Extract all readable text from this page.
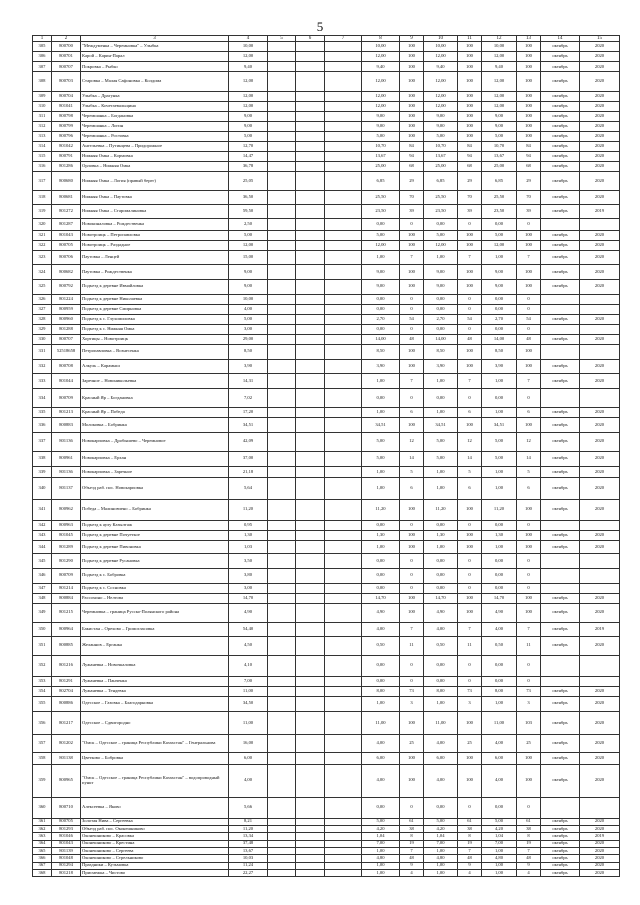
5
1	2	3	4	5	6	7	8	9	10	11	12	13	14	15
305	800700	"Междуменка – Черемновка" – Улыбка	10,00				10,00	100	10,00	100	10,00	100	октябрь	2020
306	800701	Карой – Карин-Парал	12,00				12,00	100	12,00	100	12,00	100	октябрь	2020
307	800707	Покровка – Рыбко	9,40				9,40	100	9,40	100	9,40	100	октябрь	2020
308	800703	Старовка – Малая Сафоновка – Колдома	12,00				12,00	100	12,00	100	12,00	100	октябрь	2020
309	800704	Улыбка – Драгунка	12,00				12,00	100	12,00	100	12,00	100	октябрь	2020
310	801041	Улыбка – Кочетаевальщина	12,00				12,00	100	12,00	100	12,00	100	октябрь	2020
311	800798	Черемшанка – Богдановка	9,00				9,00	100	9,00	100	9,00	100	октябрь	2020
312	800799	Черемшанка – Логин	9,00				9,00	100	9,00	100	9,00	100	октябрь	2020
313	800796	Черемшанка – Ростовка	5,00				5,00	100	5,00	100	5,00	100	октябрь	2020
314	801042	Ангельевка – Путинцева – Придорожное	12,70				10,70	84	10,70	84	10,70	84	октябрь	2020
315	800791	Нижняя Омка – Кормовка	14,47				13,67	94	13,67	94	13,67	94	октябрь	2020
316	801286	Орловка – Нижняя Омка	36,78				25,00	68	25,00	68	25,00	68	октябрь	2020
317	800680	Нижняя Омка – Логия (правый берег)	25,05				6,85	29	6,85	29	6,85	29	октябрь	2020
318	800681	Нижняя Омка – Паутовка	36,50				25,50	70	25,50	70	25,50	70	октябрь	2020
319	801272	Нижняя Омка – Старомалиновка	59,50				23,50	39	23,50	39	23,50	39	октябрь	2019
320	801287	Новокиналовка – Рождественка	2,50				0,00	0	0,00	0	0,00	0		
321	801043	Новотроицк – Петропавловка	5,00				5,00	100	5,00	100	5,00	100	октябрь	2020
322	800705	Новотроицк – Раздадное	12,00				12,00	100	12,00	100	12,00	100	октябрь	2020
323	800706	Паутовка – Ленцей	15,00				1,00	7	1,00	7	1,00	7	октябрь	2020
324	800682	Паутовка – Рождественка	9,00				9,00	100	9,00	100	9,00	100	октябрь	2020
325	800792	Подъезд к деревне Ивмайловка	9,00				9,00	100	9,00	100	9,00	100	октябрь	2020
326	801224	Подъезд к деревне Николаевка	10,00				0,00	0	0,00	0	0,00	0		
327	800959	Подъезд к деревне Смирновка	4,00				0,00	0	0,00	0	0,00	0		
328	800960	Подъезд к с. Глухомиловка	5,00				2,70	54	2,70	54	2,70	54	октябрь	2020
329	801288	Подъезд к с. Нижняя Омка	3,00				0,00	0	0,00	0	0,00	0		
330	800707	Хортицы – Новотроицк	29,00				14,00	48	14,00	48	14,00	48	октябрь	2020
331	52518658	Петропавловка – Вознесенка	8,50				8,50	100	8,50	100	8,50	100		
332	800708	Алкуль – Карамыш	3,90				3,90	100	3,90	100	3,90	100	октябрь	2020
333	801044	Заречное – Новоникольевка	14,31				1,00	7	1,00	7	1,00	7	октябрь	2020
334	800709	Красный Яр – Богдановка	7,02				0,00	0	0,00	0	0,00	0		
335	801213	Красный Яр – Победа	17,20				1,00	6	1,00	6	1,00	6	октябрь	2020
336	800883	Молоковка – Бобринка	34,51				34,51	100	34,51	100	34,51	100	октябрь	2020
337	801136	Новокарповка – Дробышево – Черемновое	42,09				5,00	12	5,00	12	5,00	12	октябрь	2020
338	800961	Новокарповка – Ерхан	37,00				5,00	14	5,00	14	5,00	14	октябрь	2020
339	801136	Новокарповка – Заречное	21,18				1,00	5	1,00	5	1,00	5	октябрь	2020
340	801137	Объезд раб. пос. Новокарповка	5,64				1,00	6	1,00	6	1,00	6	октябрь	2020
341	800962	Победа – Малиновчено – Бобринка	11,20				11,20	100	11,20	100	11,20	100	октябрь	2020
342	800963	Подъезд к аулу Казылтаж	0,95				0,00	0	0,00	0	0,00	0		
343	801045	Подъезд к деревне Почуеткое	1,30				1,30	100	1,30	100	1,30	100	октябрь	2020
344	801289	Подъезд к деревне Пивоновка	1,03				1,00	100	1,00	100	1,00	100	октябрь	2020
345	801290	Подъезд к деревне Русановка	3,50				0,00	0	0,00	0	0,00	0		
346	800709	Подъезд к с. Бобровка	3,80				0,00	0	0,00	0	0,00	0		
347	801214	Подъезд к с. Сосновка	3,00				0,00	0	0,00	0	0,00	0		
348	800884	Рассохино – Нелтова	14,70				14,70	100	14,70	100	14,70	100	октябрь	2020
349	801215	Черемновка – граница Русско-Полянского района	4,90				4,90	100	4,90	100	4,90	100	октябрь	2020
350	800964	Бакистан – Орехово – Громогласовка	54,40				4,00	7	4,00	7	4,00	7	октябрь	2019
351	800885	Желаннов – Ерганка	4,50				0,50	11	0,50	11	0,50	11	октябрь	2020
352	801216	Лужаневка – Новочкаловка	4,10				0,00	0	0,00	0	0,00	0		
353	801291	Лужаневка – Панченка	7,00				0,00	0	0,00	0	0,00	0		
354	802704	Лужаневка – Тендевка	11,00				8,00	73	8,00	73	8,00	73	октябрь	2020
355	800886	Одесское – Газовка – Благодарновка	34,50				1,00	3	1,00	3	1,00	3	октябрь	2020
356	801217	Одесское – Сдвигородно	11,00				11,00	100	11,00	100	11,00	103	октябрь	2020
357	801202	"Омск – Одесское – граница Республики Казахстан" – Генеральнова	16,00				4,00	25	4,00	25	4,00	25	октябрь	2020
358	801138	Цветково – Бобровка	6,00				6,00	100	6,00	100	6,00	100	октябрь	2020
359	800965	"Омск – Одесское – граница Республики Казахстан" – водопроводный пункт	4,00				4,00	100	4,00	100	4,00	100	октябрь	2020
360	800710	Алексеевка – Яково	5,66				0,00	0	0,00	0	0,00	0		
361	800705	Золотая Нива – Сергеевка	8,21				5,00	61	5,00	61	5,00	61	октябрь	2020
362	801293	Объезд раб. пос. Оконешниково	11,20				4,20	38	4,20	38	4,20	38	октябрь	2020
363	801046	Оконешниково – Красовка	13,34				1,04	8	1,04	8	1,04	8	октябрь	2019
364	801043	Оконешниково – Крестина	37,48				7,00	19	7,00	19	7,00	19	октябрь	2020
365	801139	Оконешниково – Сергеева	13,67				1,00	7	1,00	7	1,00	7	октябрь	2020
366	801048	Оконешниково – Стрельниково	10,03				4,80	48	4,80	48	4,80	48	октябрь	2020
367	801294	Праздники – Кузьмовка	11,24				1,00	9	1,00	9	1,00	9	октябрь	2020
368	801218	Присмежка – Чистово	22,27				1,00	4	1,00	4	1,00	4	октябрь	2020
